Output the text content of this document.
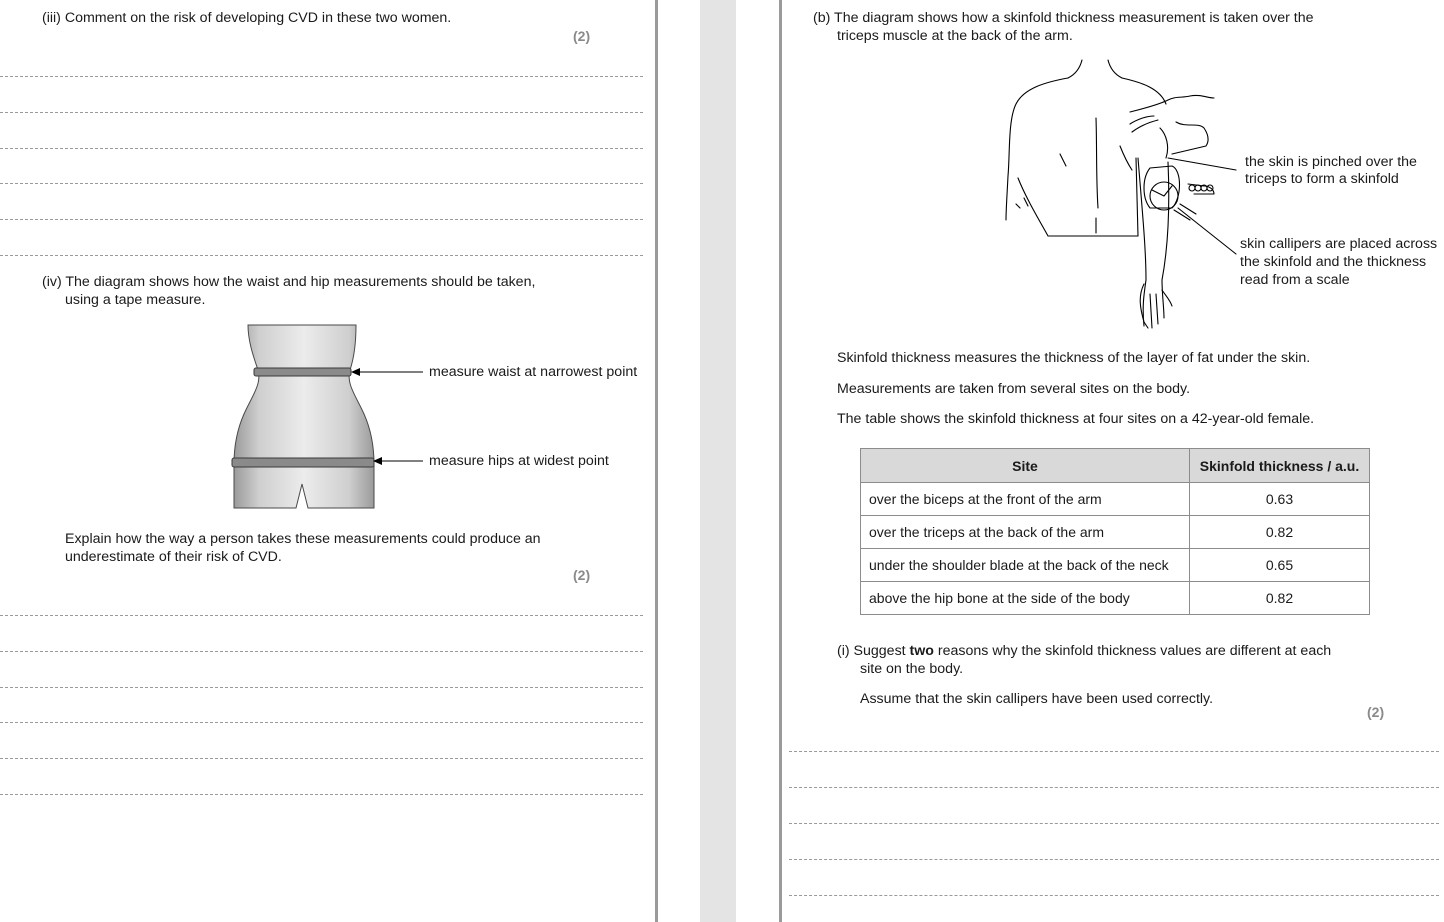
(iii) Comment on the risk of developing CVD in these two women.
(2)
(iv) The diagram shows how the waist and hip measurements should be taken,
using a tape measure.
measure waist at narrowest point
measure hips at widest point
Explain how the way a person takes these measurements could produce an
underestimate of their risk of CVD.
(2)
(b) The diagram shows how a skinfold thickness measurement is taken over the
triceps muscle at the back of the arm.
the skin is pinched over the
triceps to form a skinfold
skin callipers are placed across
the skinfold and the thickness
read from a scale
Skinfold thickness measures the thickness of the layer of fat under the skin.
Measurements are taken from several sites on the body.
The table shows the skinfold thickness at four sites on a 42-year-old female.
Site	Skinfold thickness / a.u.
over the biceps at the front of the arm	0.63
over the triceps at the back of the arm	0.82
under the shoulder blade at the back of the neck	0.65
above the hip bone at the side of the body	0.82
(i) Suggest two reasons why the skinfold thickness values are different at each
site on the body.
Assume that the skin callipers have been used correctly.
(2)
